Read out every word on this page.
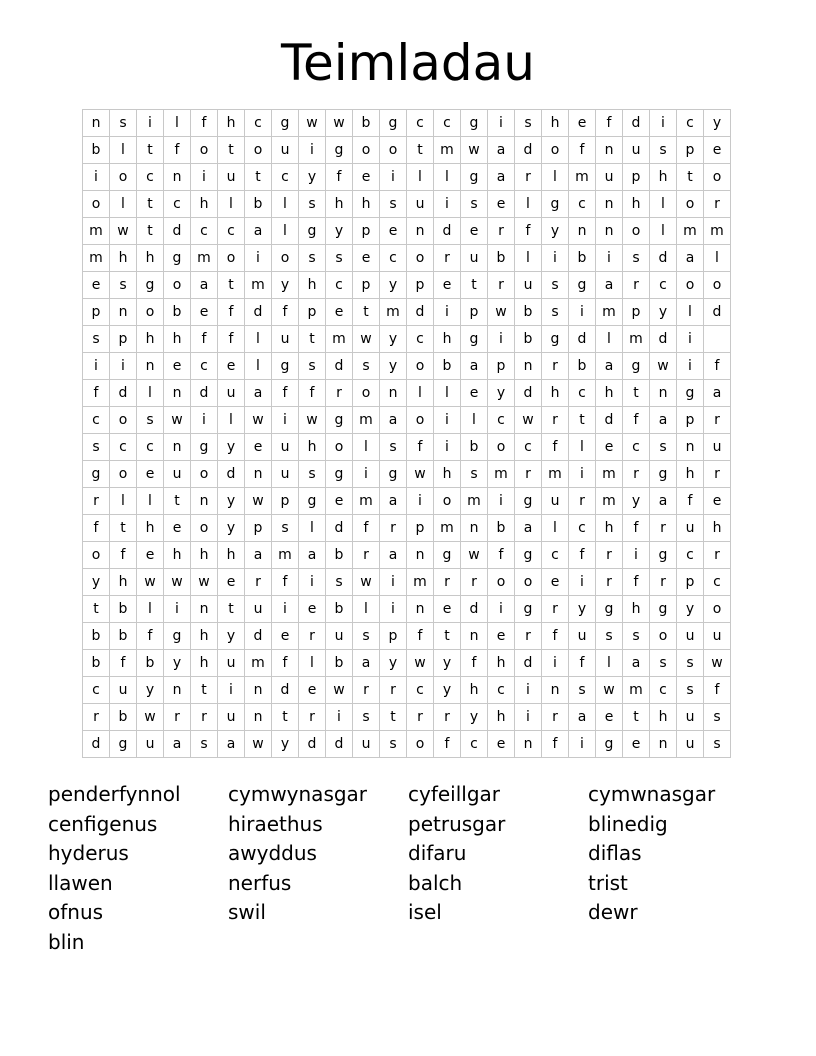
Teimladau
n	s	i	l	f	h	c	g	w	w	b	g	c	c	g	i	s	h	e	f	d	i	c	y
b	l	t	f	o	t	o	u	i	g	o	o	t	m	w	a	d	o	f	n	u	s	p	e
i	o	c	n	i	u	t	c	y	f	e	i	l	l	g	a	r	l	m	u	p	h	t	o
o	l	t	c	h	l	b	l	s	h	h	s	u	i	s	e	l	g	c	n	h	l	o	r
m	w	t	d	c	c	a	l	g	y	p	e	n	d	e	r	f	y	n	n	o	l	m	m
m	h	h	g	m	o	i	o	s	s	e	c	o	r	u	b	l	i	b	i	s	d	a	l
e	s	g	o	a	t	m	y	h	c	p	y	p	e	t	r	u	s	g	a	r	c	o	o
p	n	o	b	e	f	d	f	p	e	t	m	d	i	p	w	b	s	i	m	p	y	l	d
s	p	h	h	f	f	l	u	t	m	w	y	c	h	g	i	b	g	d	l	m	d	i	
i	i	n	e	c	e	l	g	s	d	s	y	o	b	a	p	n	r	b	a	g	w	i	f
f	d	l	n	d	u	a	f	f	r	o	n	l	l	e	y	d	h	c	h	t	n	g	a
c	o	s	w	i	l	w	i	w	g	m	a	o	i	l	c	w	r	t	d	f	a	p	r
s	c	c	n	g	y	e	u	h	o	l	s	f	i	b	o	c	f	l	e	c	s	n	u
g	o	e	u	o	d	n	u	s	g	i	g	w	h	s	m	r	m	i	m	r	g	h	r
r	l	l	t	n	y	w	p	g	e	m	a	i	o	m	i	g	u	r	m	y	a	f	e
f	t	h	e	o	y	p	s	l	d	f	r	p	m	n	b	a	l	c	h	f	r	u	h
o	f	e	h	h	h	a	m	a	b	r	a	n	g	w	f	g	c	f	r	i	g	c	r
y	h	w	w	w	e	r	f	i	s	w	i	m	r	r	o	o	e	i	r	f	r	p	c
t	b	l	i	n	t	u	i	e	b	l	i	n	e	d	i	g	r	y	g	h	g	y	o
b	b	f	g	h	y	d	e	r	u	s	p	f	t	n	e	r	f	u	s	s	o	u	u
b	f	b	y	h	u	m	f	l	b	a	y	w	y	f	h	d	i	f	l	a	s	s	w
c	u	y	n	t	i	n	d	e	w	r	r	c	y	h	c	i	n	s	w	m	c	s	f
r	b	w	r	r	u	n	t	r	i	s	t	r	r	y	h	i	r	a	e	t	h	u	s
d	g	u	a	s	a	w	y	d	d	u	s	o	f	c	e	n	f	i	g	e	n	u	s
penderfynnol	cymwynasgar	cyfeillgar	cymwnasgar
cenfigenus	hiraethus	petrusgar	blinedig
hyderus	awyddus	difaru	diflas
llawen	nerfus	balch	trist
ofnus	swil	isel	dewr
blin
